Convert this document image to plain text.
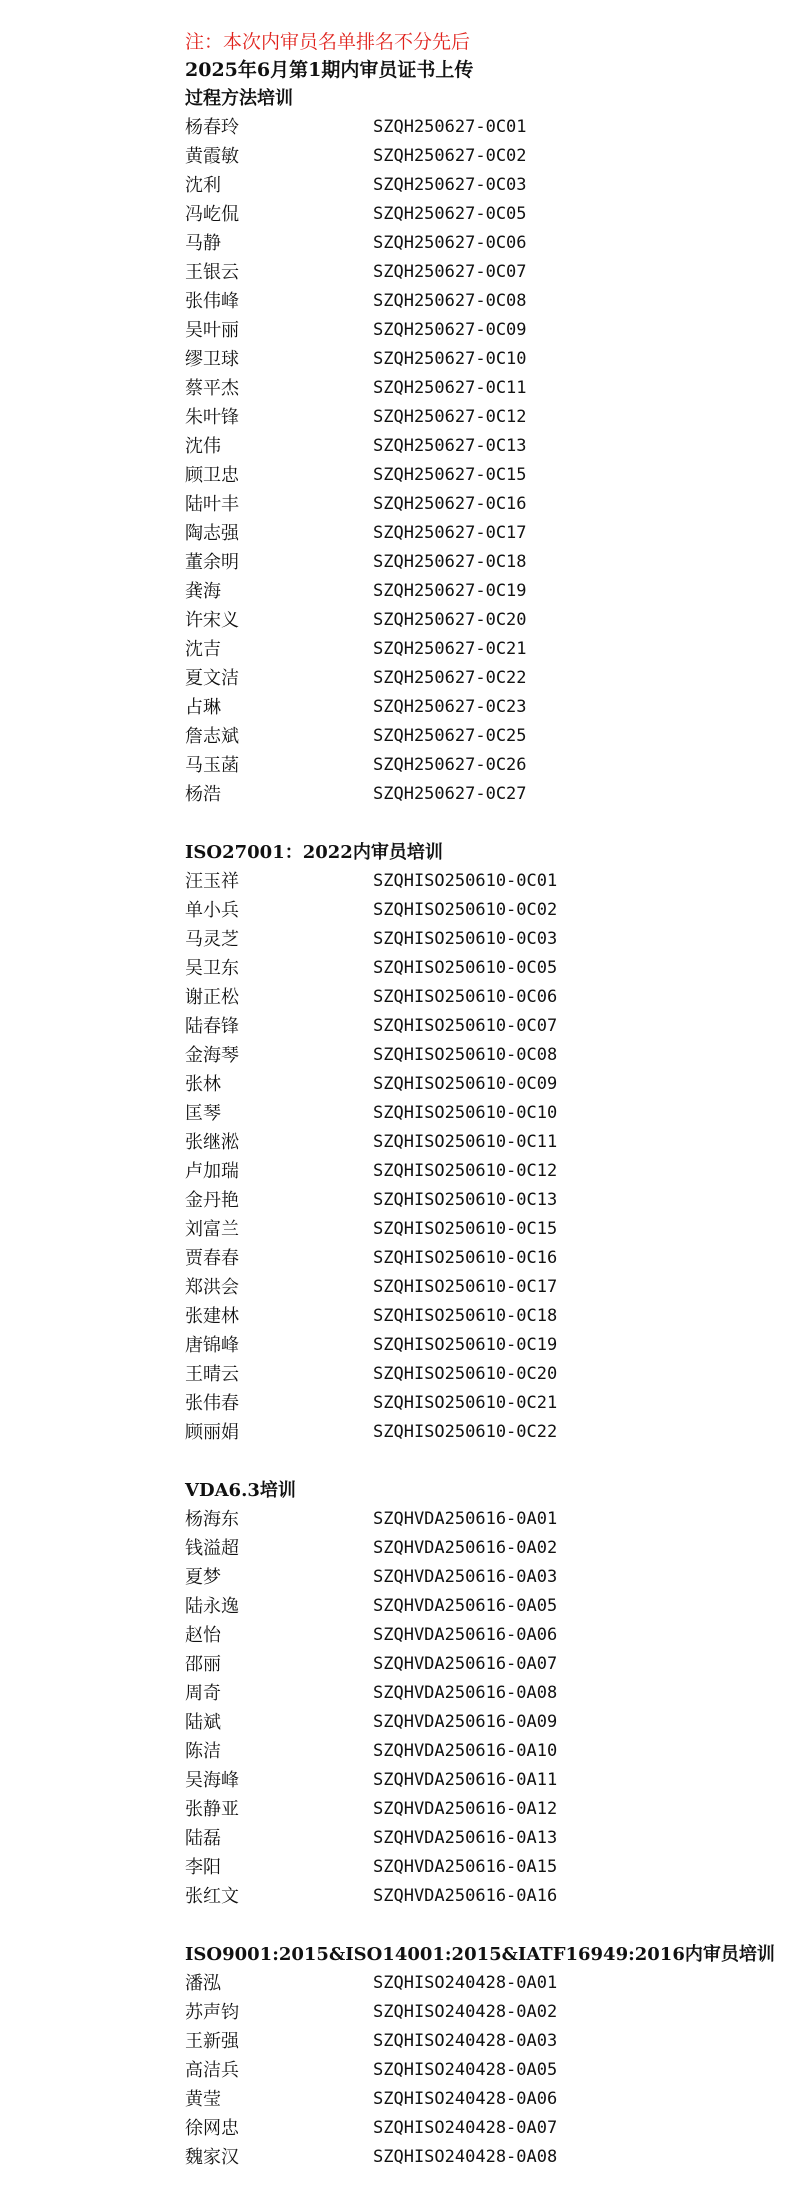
注：本次内审员名单排名不分先后
2025年6月第1期内审员证书上传
过程方法培训
杨春玲	SZQH250627-0C01
黄霞敏	SZQH250627-0C02
沈利	SZQH250627-0C03
冯屹侃	SZQH250627-0C05
马静	SZQH250627-0C06
王银云	SZQH250627-0C07
张伟峰	SZQH250627-0C08
吴叶丽	SZQH250627-0C09
缪卫球	SZQH250627-0C10
蔡平杰	SZQH250627-0C11
朱叶锋	SZQH250627-0C12
沈伟	SZQH250627-0C13
顾卫忠	SZQH250627-0C15
陆叶丰	SZQH250627-0C16
陶志强	SZQH250627-0C17
董余明	SZQH250627-0C18
龚海	SZQH250627-0C19
许宋义	SZQH250627-0C20
沈吉	SZQH250627-0C21
夏文洁	SZQH250627-0C22
占琳	SZQH250627-0C23
詹志斌	SZQH250627-0C25
马玉菡	SZQH250627-0C26
杨浩	SZQH250627-0C27
ISO27001：2022内审员培训
汪玉祥	SZQHISO250610-0C01
单小兵	SZQHISO250610-0C02
马灵芝	SZQHISO250610-0C03
吴卫东	SZQHISO250610-0C05
谢正松	SZQHISO250610-0C06
陆春锋	SZQHISO250610-0C07
金海琴	SZQHISO250610-0C08
张林	SZQHISO250610-0C09
匡琴	SZQHISO250610-0C10
张继淞	SZQHISO250610-0C11
卢加瑞	SZQHISO250610-0C12
金丹艳	SZQHISO250610-0C13
刘富兰	SZQHISO250610-0C15
贾春春	SZQHISO250610-0C16
郑洪会	SZQHISO250610-0C17
张建林	SZQHISO250610-0C18
唐锦峰	SZQHISO250610-0C19
王晴云	SZQHISO250610-0C20
张伟春	SZQHISO250610-0C21
顾丽娟	SZQHISO250610-0C22
VDA6.3培训
杨海东	SZQHVDA250616-0A01
钱溢超	SZQHVDA250616-0A02
夏梦	SZQHVDA250616-0A03
陆永逸	SZQHVDA250616-0A05
赵怡	SZQHVDA250616-0A06
邵丽	SZQHVDA250616-0A07
周奇	SZQHVDA250616-0A08
陆斌	SZQHVDA250616-0A09
陈洁	SZQHVDA250616-0A10
吴海峰	SZQHVDA250616-0A11
张静亚	SZQHVDA250616-0A12
陆磊	SZQHVDA250616-0A13
李阳	SZQHVDA250616-0A15
张红文	SZQHVDA250616-0A16
ISO9001:2015&ISO14001:2015&IATF16949:2016内审员培训
潘泓	SZQHISO240428-0A01
苏声钧	SZQHISO240428-0A02
王新强	SZQHISO240428-0A03
高洁兵	SZQHISO240428-0A05
黄莹	SZQHISO240428-0A06
徐网忠	SZQHISO240428-0A07
魏家汉	SZQHISO240428-0A08
